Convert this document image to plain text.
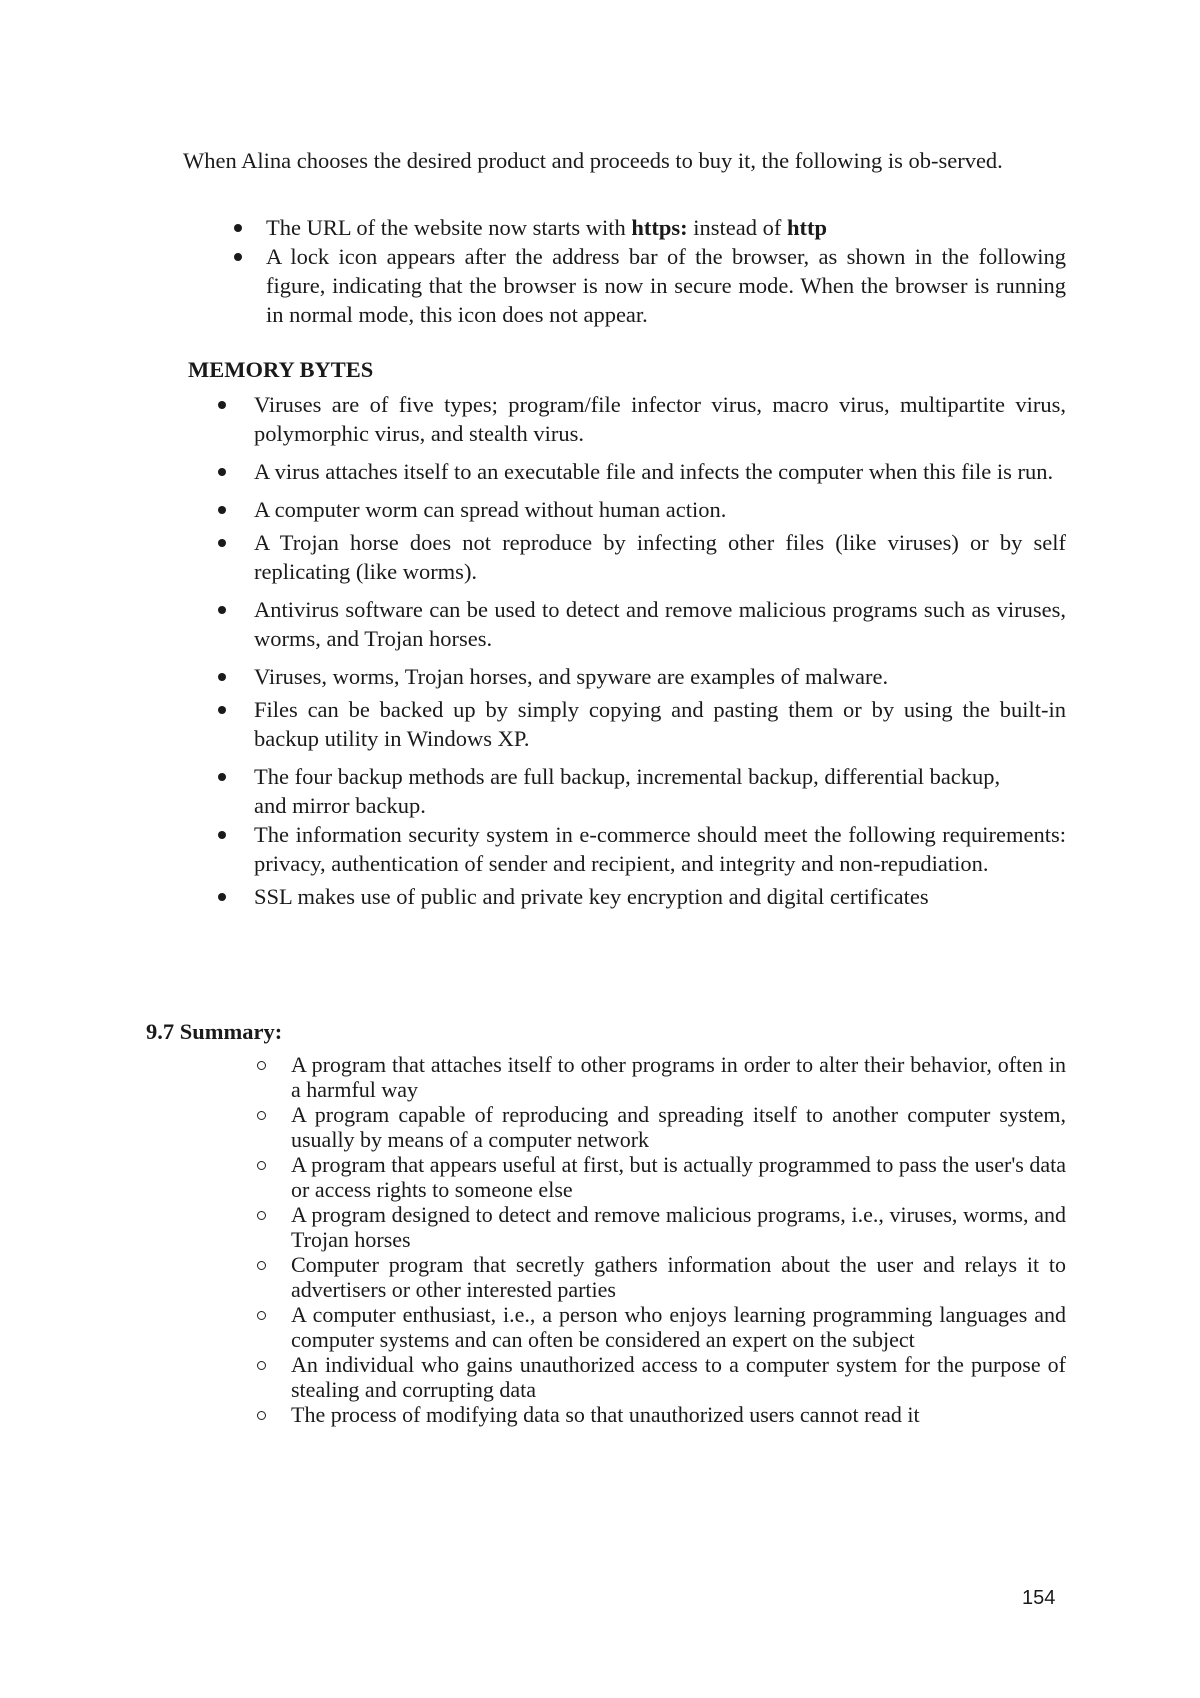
When Alina chooses the desired product and proceeds to buy it, the following is ob-served.
The URL of the website now starts with https: instead of http
A lock icon appears after the address bar of the browser, as shown in the following figure, indicating that the browser is now in secure mode. When the browser is running in normal mode, this icon does not appear.
MEMORY BYTES
Viruses are of five types; program/file infector virus, macro virus, multipartite virus, polymorphic virus, and stealth virus.
A virus attaches itself to an executable file and infects the computer when this file is run.
A computer worm can spread without human action.
A Trojan horse does not reproduce by infecting other files (like viruses) or by self replicating (like worms).
Antivirus software can be used to detect and remove malicious programs such as viruses, worms, and Trojan horses.
Viruses, worms, Trojan horses, and spyware are examples of malware.
Files can be backed up by simply copying and pasting them or by using the built-in backup utility in Windows XP.
The four backup methods are full backup, incremental backup, differential backup,
and mirror backup.
The information security system in e-commerce should meet the following requirements: privacy, authentication of sender and recipient, and integrity and non-repudiation.
SSL makes use of public and private key encryption and digital certificates
9.7 Summary:
A program that attaches itself to other programs in order to alter their behavior, often in a harmful way
A program capable of reproducing and spreading itself to another computer system, usually by means of a computer network
A program that appears useful at first, but is actually programmed to pass the user's data or access rights to someone else
A program designed to detect and remove malicious programs, i.e., viruses, worms, and Trojan horses
Computer program that secretly gathers information about the user and relays it to advertisers or other interested parties
A computer enthusiast, i.e., a person who enjoys learning programming languages and computer systems and can often be considered an expert on the subject
An individual who gains unauthorized access to a computer system for the purpose of stealing and corrupting data
The process of modifying data so that unauthorized users cannot read it
154
